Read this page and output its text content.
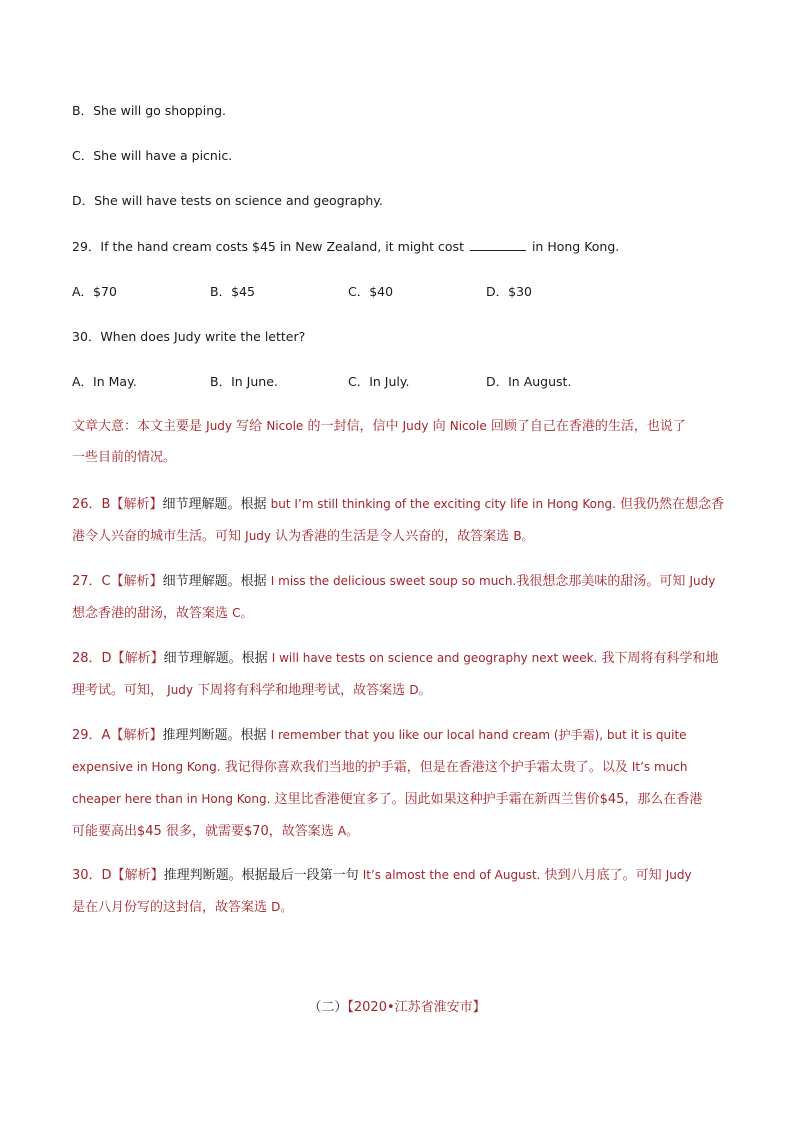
B．She will go shopping.
C．She will have a picnic.
D．She will have tests on science and geography.
29．If the hand cream costs $45 in New Zealand, it might cost	in Hong Kong.
A．$70	B．$45	C．$40	D．$30
30．When does Judy write the letter?
A．In May.	B．In June.	C．In July.	D．In August.
文章大意：本文主要是 Judy 写给 Nicole 的一封信，信中 Judy 向 Nicole 回顾了自己在香港的生活，也说了
一些目前的情况。
26．B【解析】细节理解题。根据 but I’m still thinking of the exciting city life in Hong Kong. 但我仍然在想念香
港令人兴奋的城市生活。可知 Judy 认为香港的生活是令人兴奋的，故答案选 B。
27．C【解析】细节理解题。根据 I miss the delicious sweet soup so much.我很想念那美味的甜汤。可知 Judy
想念香港的甜汤，故答案选 C。
28．D【解析】细节理解题。根据 I will have tests on science and geography next week. 我下周将有科学和地
理考试。可知， Judy 下周将有科学和地理考试，故答案选 D。
29．A【解析】推理判断题。根据 I remember that you like our local hand cream (护手霜), but it is quite
expensive in Hong Kong. 我记得你喜欢我们当地的护手霜，但是在香港这个护手霜太贵了。以及 It’s much
cheaper here than in Hong Kong. 这里比香港便宜多了。因此如果这种护手霜在新西兰售价$45，那么在香港
可能要高出$45 很多，就需要$70，故答案选 A。
30．D【解析】推理判断题。根据最后一段第一句 It’s almost the end of August. 快到八月底了。可知 Judy
是在八月份写的这封信，故答案选 D。
（二）【2020•江苏省淮安市】
